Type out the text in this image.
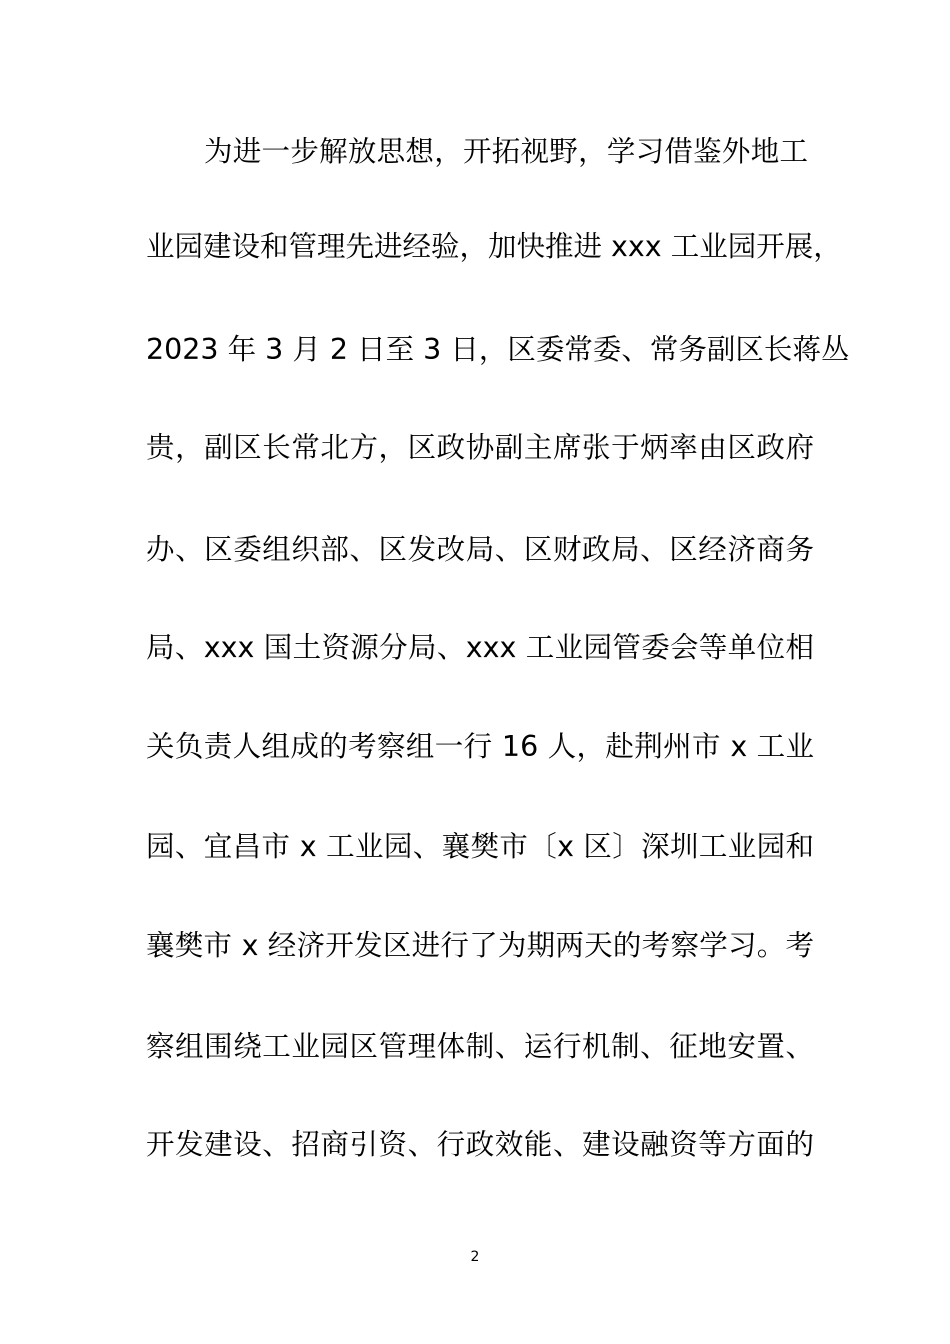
为进一步解放思想，开拓视野，学习借鉴外地工
业园建设和管理先进经验，加快推进 xxx 工业园开展，
2023 年 3 月 2 日至 3 日，区委常委、常务副区长蒋丛
贵，副区长常北方，区政协副主席张于炳率由区政府
办、区委组织部、区发改局、区财政局、区经济商务
局、xxx 国土资源分局、xxx 工业园管委会等单位相
关负责人组成的考察组一行 16 人，赴荆州市 x 工业
园、宜昌市 x 工业园、襄樊市〔x 区〕深圳工业园和
襄樊市 x 经济开发区进行了为期两天的考察学习。考
察组围绕工业园区管理体制、运行机制、征地安置、
开发建设、招商引资、行政效能、建设融资等方面的
2
